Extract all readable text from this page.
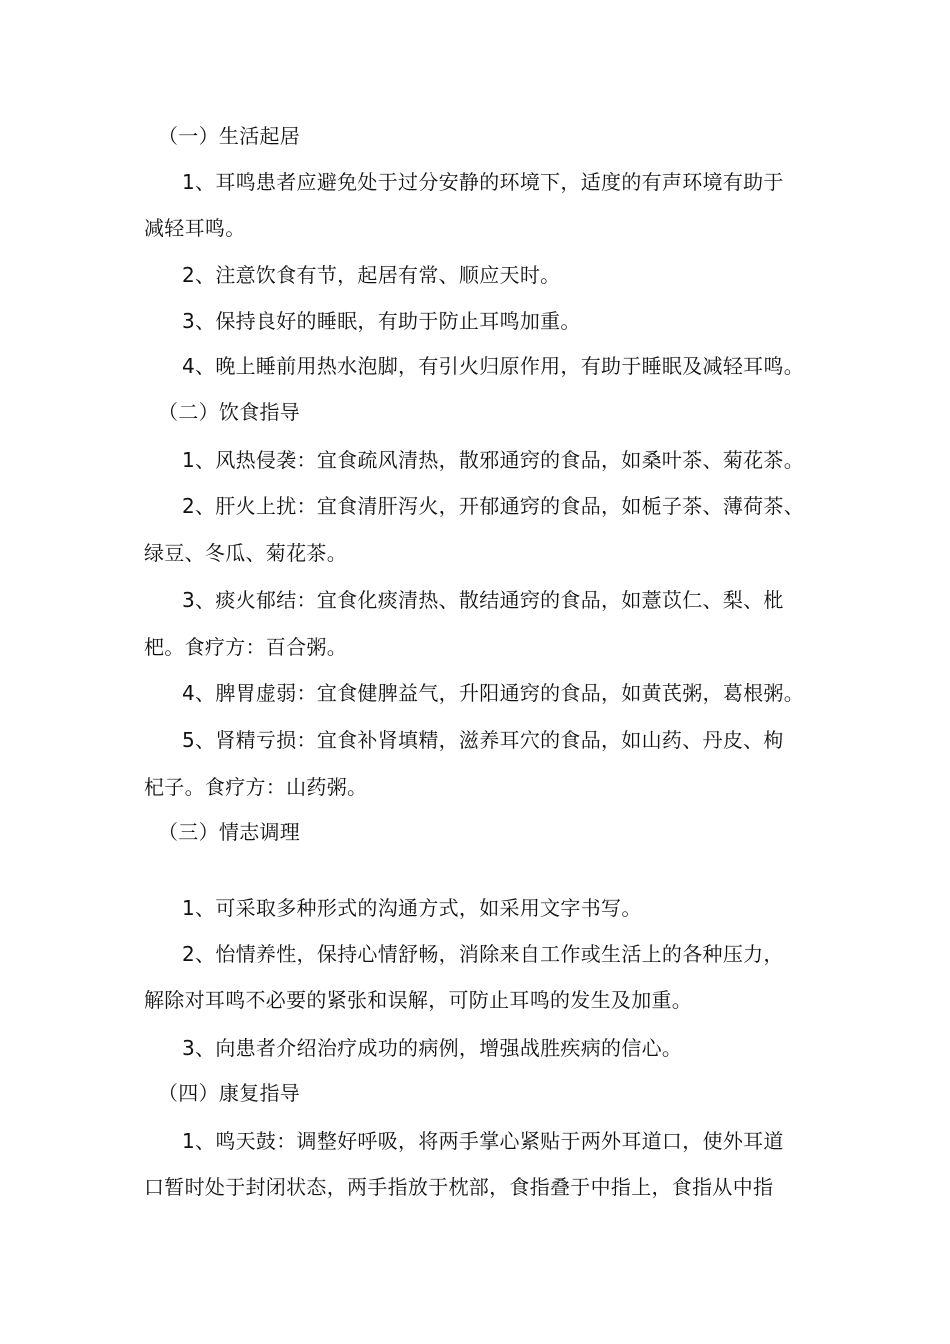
（一）生活起居
1、耳鸣患者应避免处于过分安静的环境下，适度的有声环境有助于
减轻耳鸣。
2、注意饮食有节，起居有常、顺应天时。
3、保持良好的睡眠，有助于防止耳鸣加重。
4、晚上睡前用热水泡脚，有引火归原作用，有助于睡眠及减轻耳鸣。
（二）饮食指导
1、风热侵袭：宜食疏风清热，散邪通窍的食品，如桑叶茶、菊花茶。
2、肝火上扰：宜食清肝泻火，开郁通窍的食品，如栀子茶、薄荷茶、
绿豆、冬瓜、菊花茶。
3、痰火郁结：宜食化痰清热、散结通窍的食品，如薏苡仁、梨、枇
杷。食疗方：百合粥。
4、脾胃虚弱：宜食健脾益气，升阳通窍的食品，如黄芪粥，葛根粥。
5、肾精亏损：宜食补肾填精，滋养耳穴的食品，如山药、丹皮、枸
杞子。食疗方：山药粥。
（三）情志调理
1、可采取多种形式的沟通方式，如采用文字书写。
2、怡情养性，保持心情舒畅，消除来自工作或生活上的各种压力，
解除对耳鸣不必要的紧张和误解，可防止耳鸣的发生及加重。
3、向患者介绍治疗成功的病例，增强战胜疾病的信心。
（四）康复指导
1、鸣天鼓：调整好呼吸，将两手掌心紧贴于两外耳道口，使外耳道
口暂时处于封闭状态，两手指放于枕部，食指叠于中指上，食指从中指
